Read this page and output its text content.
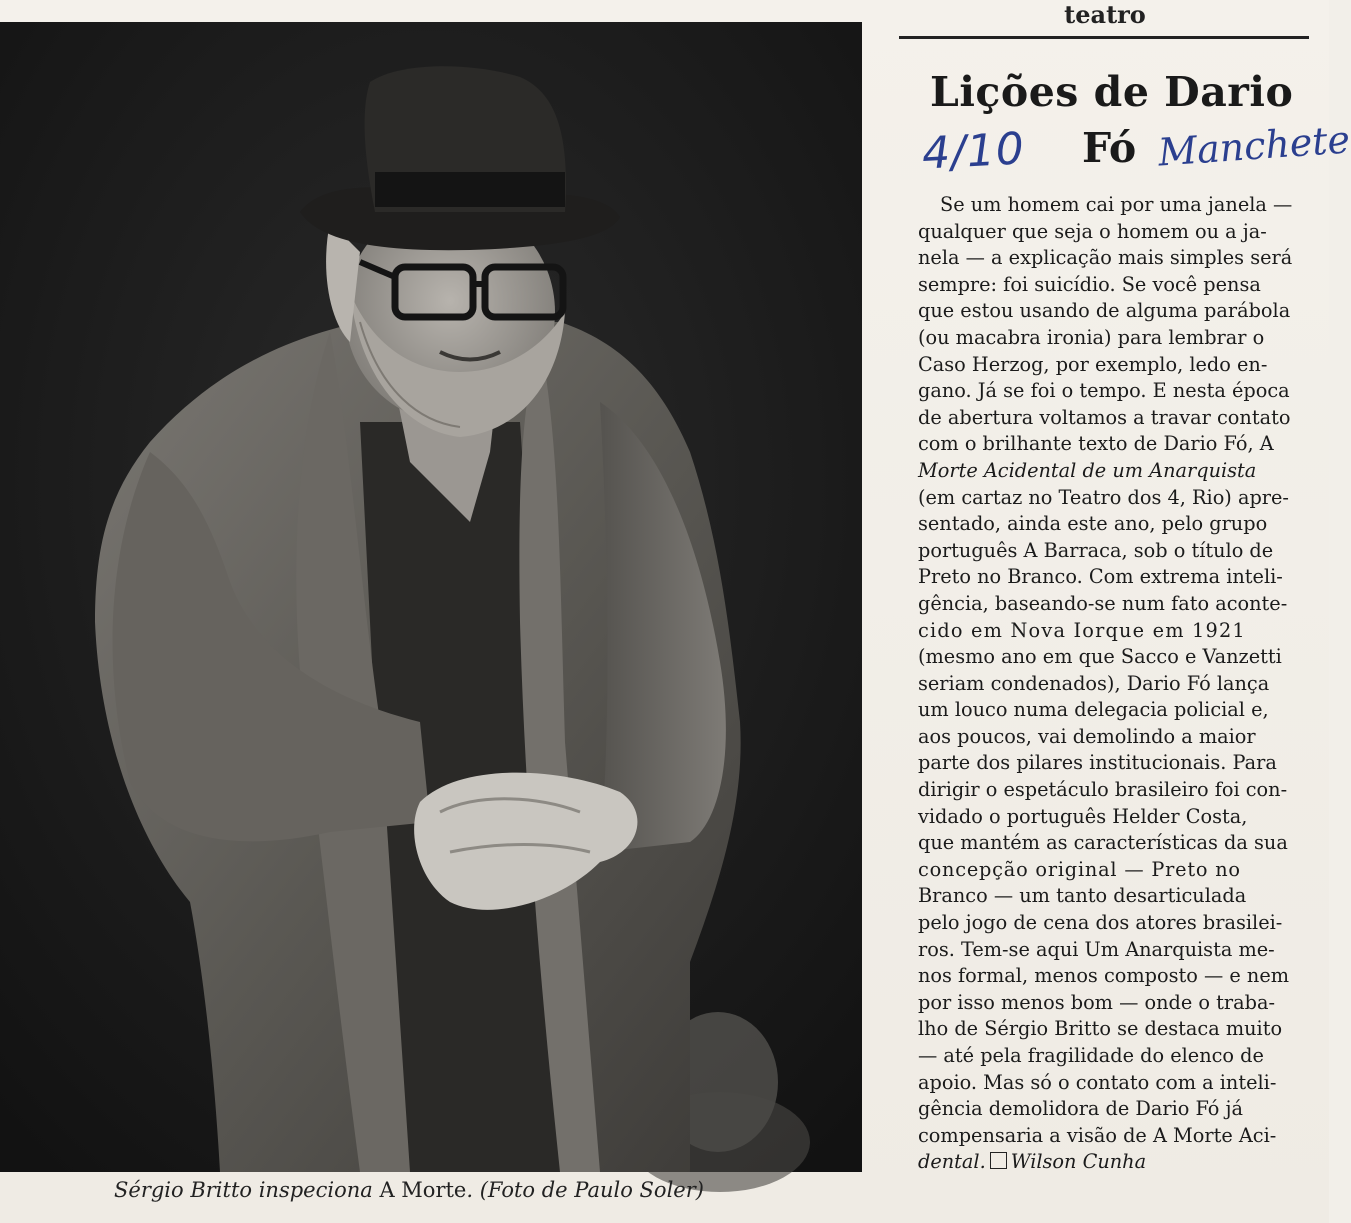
Sérgio Britto inspeciona A Morte. (Foto de Paulo Soler)
teatro
Lições de Dario
Fó
4/10	Manchete
Se um homem cai por uma janela —
qualquer que seja o homem ou a ja-
nela — a explicação mais simples será
sempre: foi suicídio. Se você pensa
que estou usando de alguma parábola
(ou macabra ironia) para lembrar o
Caso Herzog, por exemplo, ledo en-
gano. Já se foi o tempo. E nesta época
de abertura voltamos a travar contato
com o brilhante texto de Dario Fó, A
Morte Acidental de um Anarquista
(em cartaz no Teatro dos 4, Rio) apre-
sentado, ainda este ano, pelo grupo
português A Barraca, sob o título de
Preto no Branco. Com extrema inteli-
gência, baseando-se num fato aconte-
cido em Nova Iorque em 1921
(mesmo ano em que Sacco e Vanzetti
seriam condenados), Dario Fó lança
um louco numa delegacia policial e,
aos poucos, vai demolindo a maior
parte dos pilares institucionais. Para
dirigir o espetáculo brasileiro foi con-
vidado o português Helder Costa,
que mantém as características da sua
concepção original — Preto no
Branco — um tanto desarticulada
pelo jogo de cena dos atores brasilei-
ros. Tem-se aqui Um Anarquista me-
nos formal, menos composto — e nem
por isso menos bom — onde o traba-
lho de Sérgio Britto se destaca muito
— até pela fragilidade do elenco de
apoio. Mas só o contato com a inteli-
gência demolidora de Dario Fó já
compensaria a visão de A Morte Aci-
dental. Wilson Cunha
